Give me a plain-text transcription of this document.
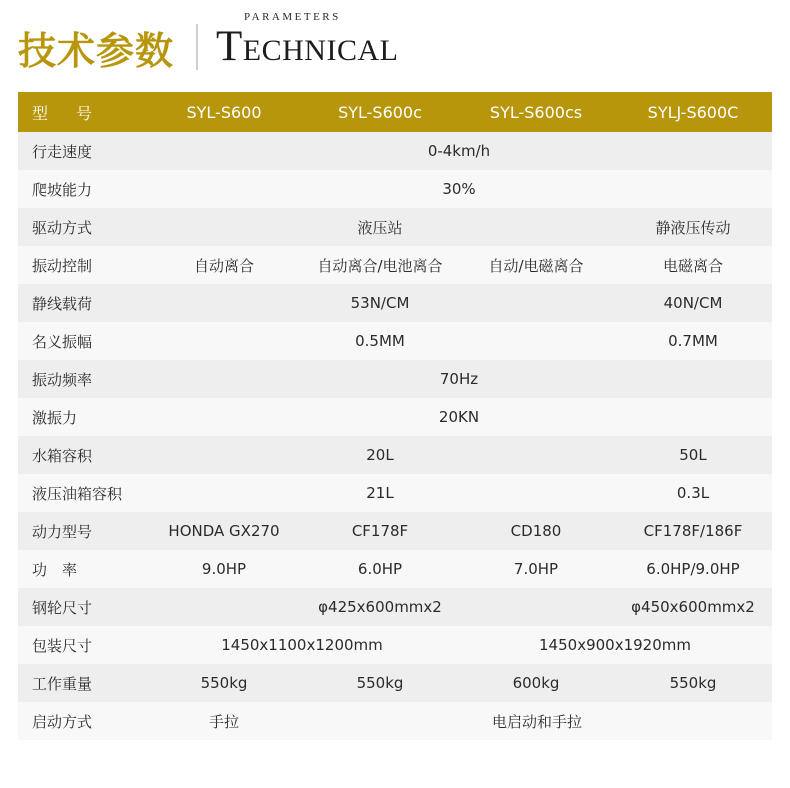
技术参数
PARAMETERS
TECHNICAL
型　号	SYL-S600	SYL-S600c	SYL-S600cs	SYLJ-S600C
行走速度	0-4km/h			
爬坡能力	30%			
驱动方式	液压站			静液压传动
振动控制	自动离合	自动离合/电池离合	自动/电磁离合	电磁离合
静线载荷	53N/CM			40N/CM
名义振幅	0.5MM			0.7MM
振动频率	70Hz			
激振力	20KN			
水箱容积	20L			50L
液压油箱容积	21L			0.3L
动力型号	HONDA GX270	CF178F	CD180	CF178F/186F
功　率	9.0HP	6.0HP	7.0HP	6.0HP/9.0HP
钢轮尺寸	φ425x600mmx2			φ450x600mmx2
包装尺寸	1450x1100x1200mm		1450x900x1920mm	
工作重量	550kg	550kg	600kg	550kg
启动方式	手拉	电启动和手拉		
